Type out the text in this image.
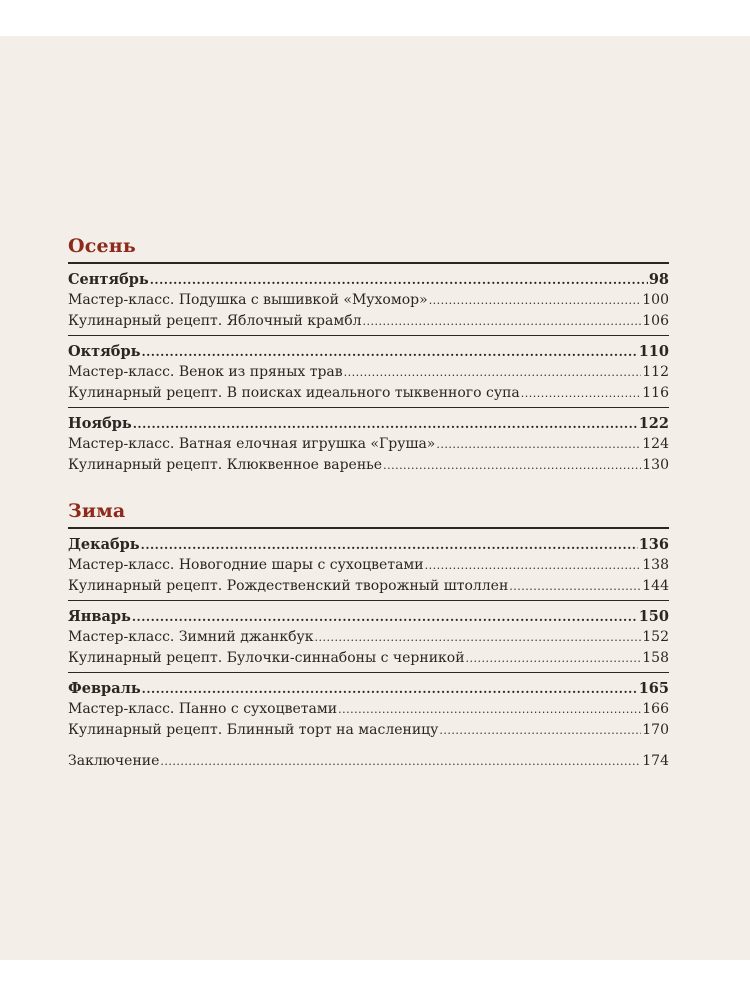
Осень
Сентябрь .....	98
Мастер-класс. Подушка с вышивкой «Мухомор» .....	100
Кулинарный рецепт. Яблочный крамбл .....	106
Октябрь .....	110
Мастер-класс. Венок из пряных трав .....	112
Кулинарный рецепт. В поисках идеального тыквенного супа .....	116
Ноябрь .....	122
Мастер-класс. Ватная елочная игрушка «Груша» .....	124
Кулинарный рецепт. Клюквенное варенье .....	130
Зима
Декабрь .....	136
Мастер-класс. Новогодние шары с сухоцветами .....	138
Кулинарный рецепт. Рождественский творожный штоллен .....	144
Январь .....	150
Мастер-класс. Зимний джанкбук .....	152
Кулинарный рецепт. Булочки-синнабоны с черникой .....	158
Февраль .....	165
Мастер-класс. Панно с сухоцветами .....	166
Кулинарный рецепт. Блинный торт на масленицу .....	170
Заключение .....	174
